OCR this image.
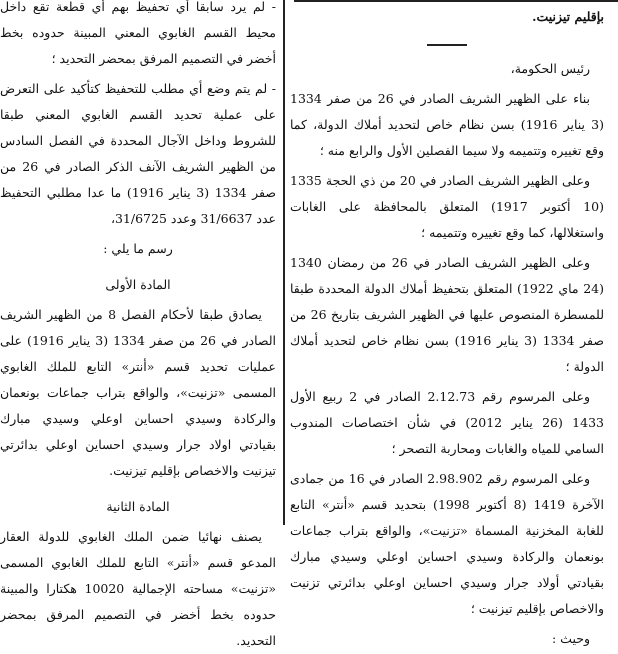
- لم يرد سابقا أي تحفيظ بهم أي قطعة تقع داخل محيط القسم الغابوي المعني المبينة حدوده بخط أخضر في التصميم المرفق بمحضر التحديد ؛

- لم يتم وضع أي مطلب للتحفيظ كتأكيد على التعرض على عملية تحديد القسم الغابوي المعني طبقا للشروط وداخل الآجال المحددة في الفصل السادس من الظهير الشريف الآنف الذكر الصادر في 26 من صفر 1334 (3 يناير 1916) ما عدا مطلبي التحفيظ عدد 31/6637 وعدد 31/6725،

رسم ما يلي :

المادة الأولى

يصادق طبقا لأحكام الفصل 8 من الظهير الشريف الصادر في 26 من صفر 1334 (3 يناير 1916) على عمليات تحديد قسم «أنتر» التابع للملك الغابوي المسمى «تزنيت»، والواقع بتراب جماعات بونعمان والركادة وسيدي احساين اوعلي وسيدي مبارك بقيادتي اولاد جرار وسيدي احساين اوعلي بدائرتي تيزنيت والاخصاص بإقليم تيزنيت.

المادة الثانية

يصنف نهائيا ضمن الملك الغابوي للدولة العقار المدعو قسم «أنتر» التابع للملك الغابوي المسمى «تزنيت» مساحته الإجمالية 10020 هكتارا والمبينة حدوده بخط أخضر في التصميم المرفق بمحضر التحديد.

بإقليم تيزنيت.

رئيس الحكومة،

بناء على الظهير الشريف الصادر في 26 من صفر 1334 (3 يناير 1916) بسن نظام خاص لتحديد أملاك الدولة، كما وقع تغييره وتتميمه ولا سيما الفصلين الأول والرابع منه ؛

وعلى الظهير الشريف الصادر في 20 من ذي الحجة 1335 (10 أكتوبر 1917) المتعلق بالمحافظة على الغابات واستغلالها، كما وقع تغييره وتتميمه ؛

وعلى الظهير الشريف الصادر في 26 من رمضان 1340 (24 ماي 1922) المتعلق بتحفيظ أملاك الدولة المحددة طبقا للمسطرة المنصوص عليها في الظهير الشريف بتاريخ 26 من صفر 1334 (3 يناير 1916) بسن نظام خاص لتحديد أملاك الدولة ؛

وعلى المرسوم رقم 2.12.73 الصادر في 2 ربيع الأول 1433 (26 يناير 2012) في شأن اختصاصات المندوب السامي للمياه والغابات ومحاربة التصحر ؛

وعلى المرسوم رقم 2.98.902 الصادر في 16 من جمادى الآخرة 1419 (8 أكتوبر 1998) بتحديد قسم «أنتر» التابع للغابة المخزنية المسماة «تزنيت»، والواقع بتراب جماعات بونعمان والركادة وسيدي احساين اوعلي وسيدي مبارك بقيادتي أولاد جرار وسيدي احساين اوعلي بدائرتي تزنيت والاخصاص بإقليم تيزنيت ؛

وحيث :
